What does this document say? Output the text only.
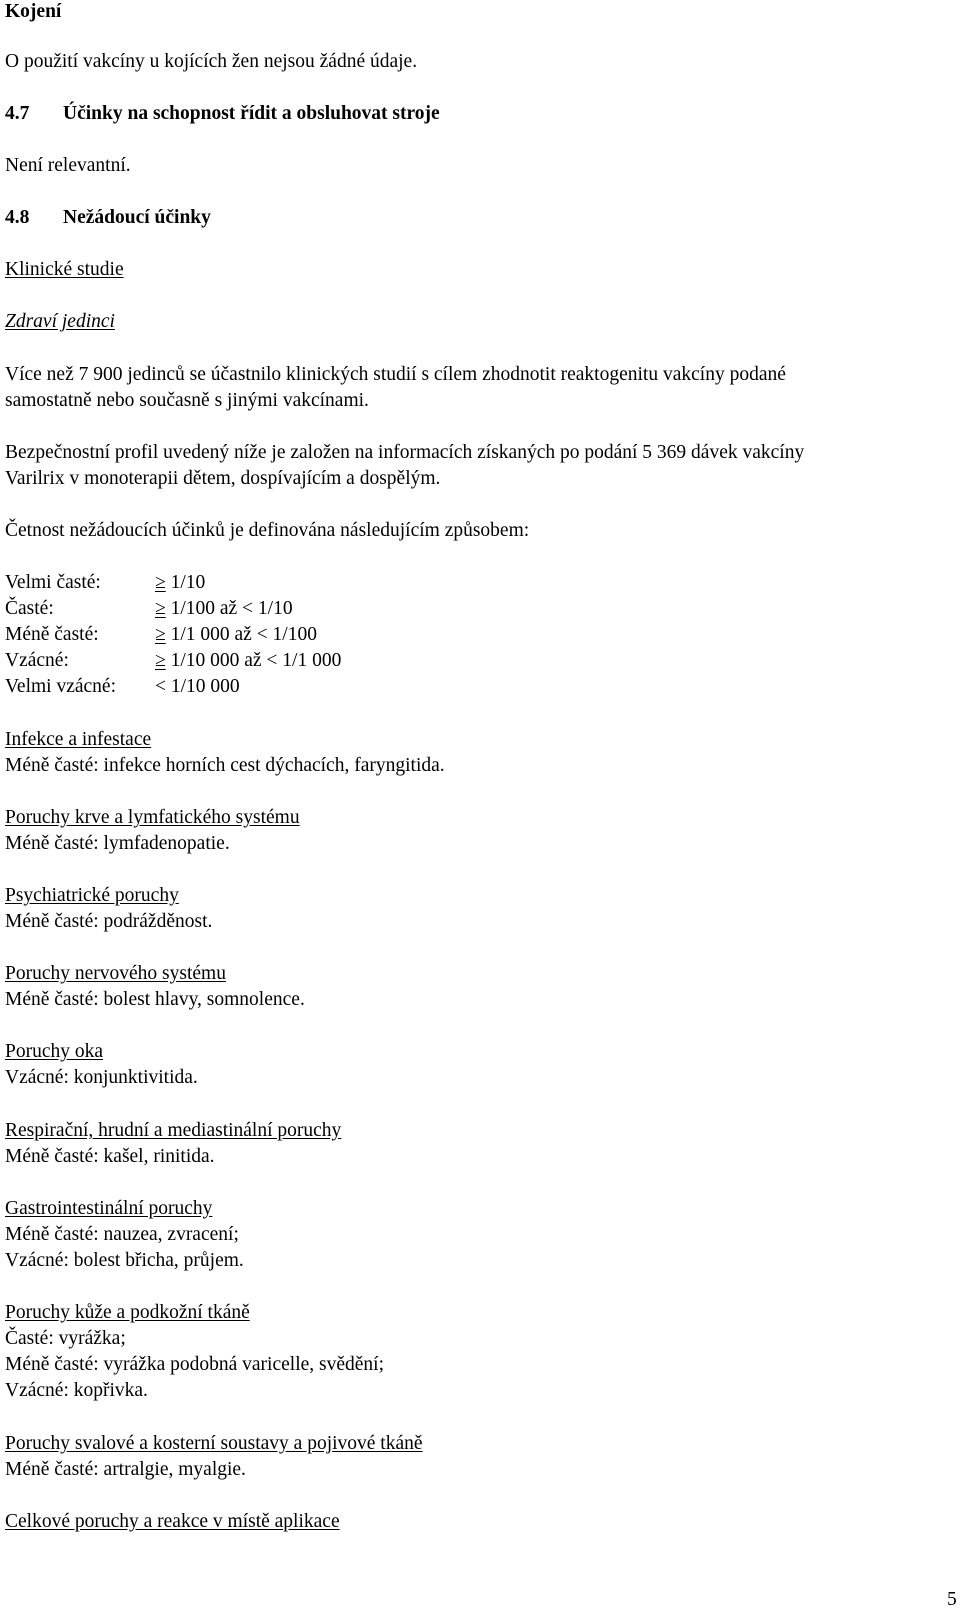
Kojení
O použití vakcíny u kojících žen nejsou žádné údaje.
4.7 Účinky na schopnost řídit a obsluhovat stroje
Není relevantní.
4.8 Nežádoucí účinky
Klinické studie
Zdraví jedinci
Více než 7 900 jedinců se účastnilo klinických studií s cílem zhodnotit reaktogenitu vakcíny podané
samostatně nebo současně s jinými vakcínami.
Bezpečnostní profil uvedený níže je založen na informacích získaných po podání 5 369 dávek vakcíny
Varilrix v monoterapii dětem, dospívajícím a dospělým.
Četnost nežádoucích účinků je definována následujícím způsobem:
Velmi časté:	≥ 1/10
Časté:	≥ 1/100 až < 1/10
Méně časté:	≥ 1/1 000 až < 1/100
Vzácné:	≥ 1/10 000 až < 1/1 000
Velmi vzácné: < 1/10 000
Infekce a infestace
Méně časté: infekce horních cest dýchacích, faryngitida.
Poruchy krve a lymfatického systému
Méně časté: lymfadenopatie.
Psychiatrické poruchy
Méně časté: podrážděnost.
Poruchy nervového systému
Méně časté: bolest hlavy, somnolence.
Poruchy oka
Vzácné: konjunktivitida.
Respirační, hrudní a mediastinální poruchy
Méně časté: kašel, rinitida.
Gastrointestinální poruchy
Méně časté: nauzea, zvracení;
Vzácné: bolest břicha, průjem.
Poruchy kůže a podkožní tkáně
Časté: vyrážka;
Méně časté: vyrážka podobná varicelle, svědění;
Vzácné: kopřivka.
Poruchy svalové a kosterní soustavy a pojivové tkáně
Méně časté: artralgie, myalgie.
Celkové poruchy a reakce v místě aplikace
5
